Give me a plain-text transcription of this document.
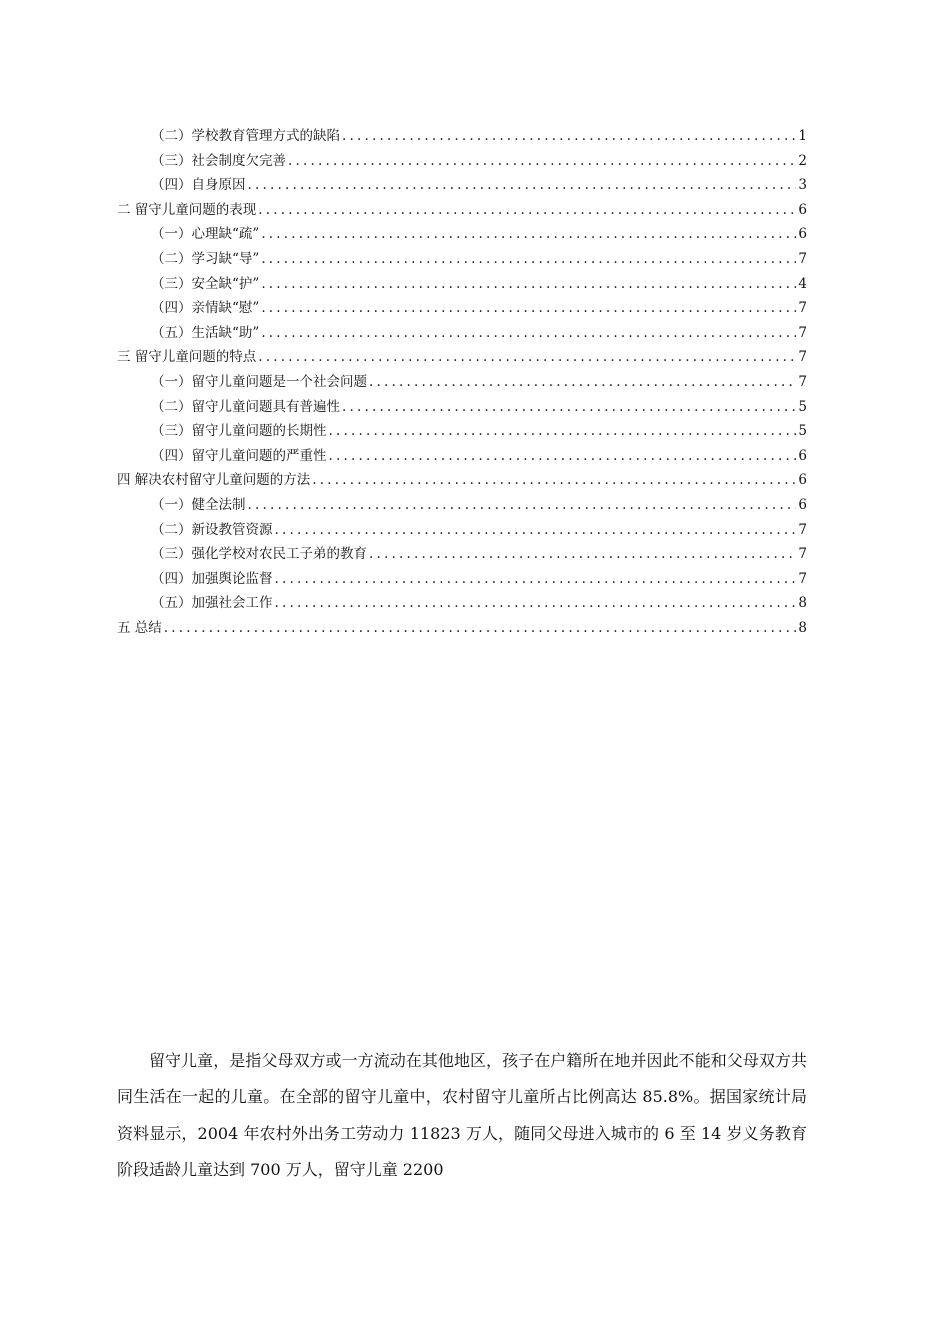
（二）学校教育管理方式的缺陷 .....	1
（三）社会制度欠完善 .....	2
（四）自身原因 .....	3
二 留守儿童问题的表现 .....	6
（一）心理缺“疏” .....	6
（二）学习缺“导” .....	7
（三）安全缺“护” .....	4
（四）亲情缺“慰” .....	7
（五）生活缺“助” .....	7
三 留守儿童问题的特点 .....	7
（一）留守儿童问题是一个社会问题 .....	7
（二）留守儿童问题具有普遍性 .....	5
（三）留守儿童问题的长期性 .....	5
（四）留守儿童问题的严重性 .....	6
四 解决农村留守儿童问题的方法 .....	6
（一）健全法制 .....	6
（二）新设教管资源 .....	7
（三）强化学校对农民工子弟的教育 .....	7
（四）加强舆论监督 .....	7
（五）加强社会工作 .....	8
五 总结 .....	8

留守儿童，是指父母双方或一方流动在其他地区，孩子在户籍所在地并因此不能和父母双方共同生活在一起的儿童。在全部的留守儿童中，农村留守儿童所占比例高达 85.8%。据国家统计局资料显示，2004 年农村外出务工劳动力 11823 万人，随同父母进入城市的 6 至 14 岁义务教育阶段适龄儿童达到 700 万人，留守儿童 2200
